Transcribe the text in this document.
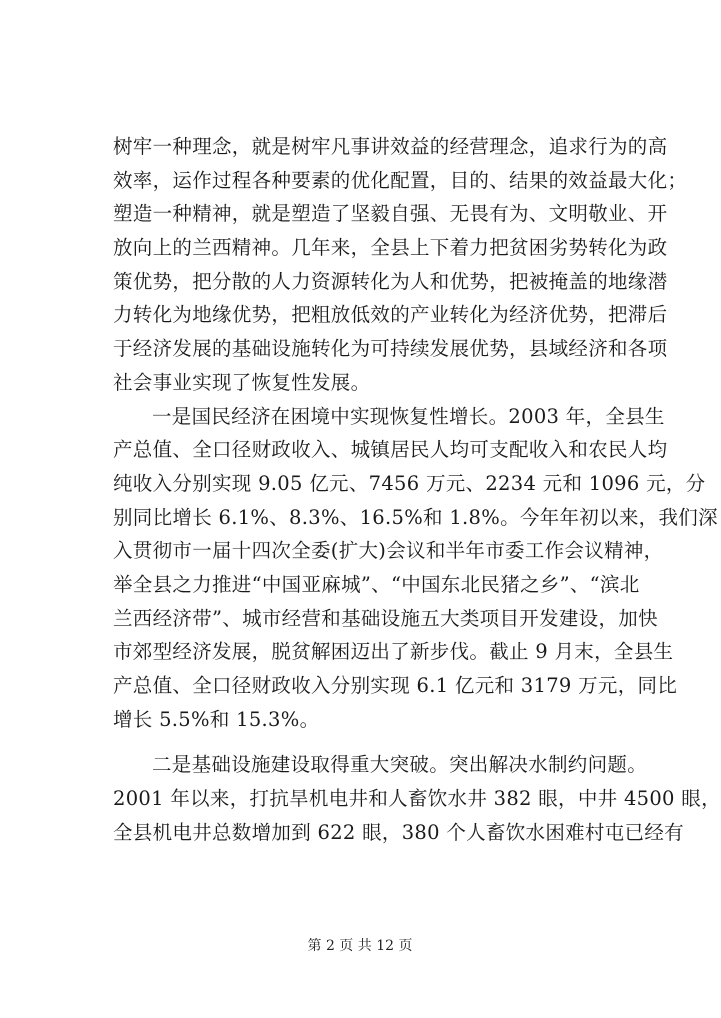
树牢一种理念，就是树牢凡事讲效益的经营理念，追求行为的高
效率，运作过程各种要素的优化配置，目的、结果的效益最大化；
塑造一种精神，就是塑造了坚毅自强、无畏有为、文明敬业、开
放向上的兰西精神。几年来，全县上下着力把贫困劣势转化为政
策优势，把分散的人力资源转化为人和优势，把被掩盖的地缘潜
力转化为地缘优势，把粗放低效的产业转化为经济优势，把滞后
于经济发展的基础设施转化为可持续发展优势，县域经济和各项
社会事业实现了恢复性发展。
一是国民经济在困境中实现恢复性增长。2003 年，全县生
产总值、全口径财政收入、城镇居民人均可支配收入和农民人均
纯收入分别实现 9.05 亿元、7456 万元、2234 元和 1096 元，分
别同比增长 6.1%、8.3%、16.5%和 1.8%。今年年初以来，我们深
入贯彻市一届十四次全委(扩大)会议和半年市委工作会议精神，
举全县之力推进“中国亚麻城”、“中国东北民猪之乡”、“滨北
兰西经济带”、城市经营和基础设施五大类项目开发建设，加快
市郊型经济发展，脱贫解困迈出了新步伐。截止 9 月末，全县生
产总值、全口径财政收入分别实现 6.1 亿元和 3179 万元，同比
增长 5.5%和 15.3%。
二是基础设施建设取得重大突破。突出解决水制约问题。
2001 年以来，打抗旱机电井和人畜饮水井 382 眼，中井 4500 眼，
全县机电井总数增加到 622 眼，380 个人畜饮水困难村屯已经有
第 2 页 共 12 页
